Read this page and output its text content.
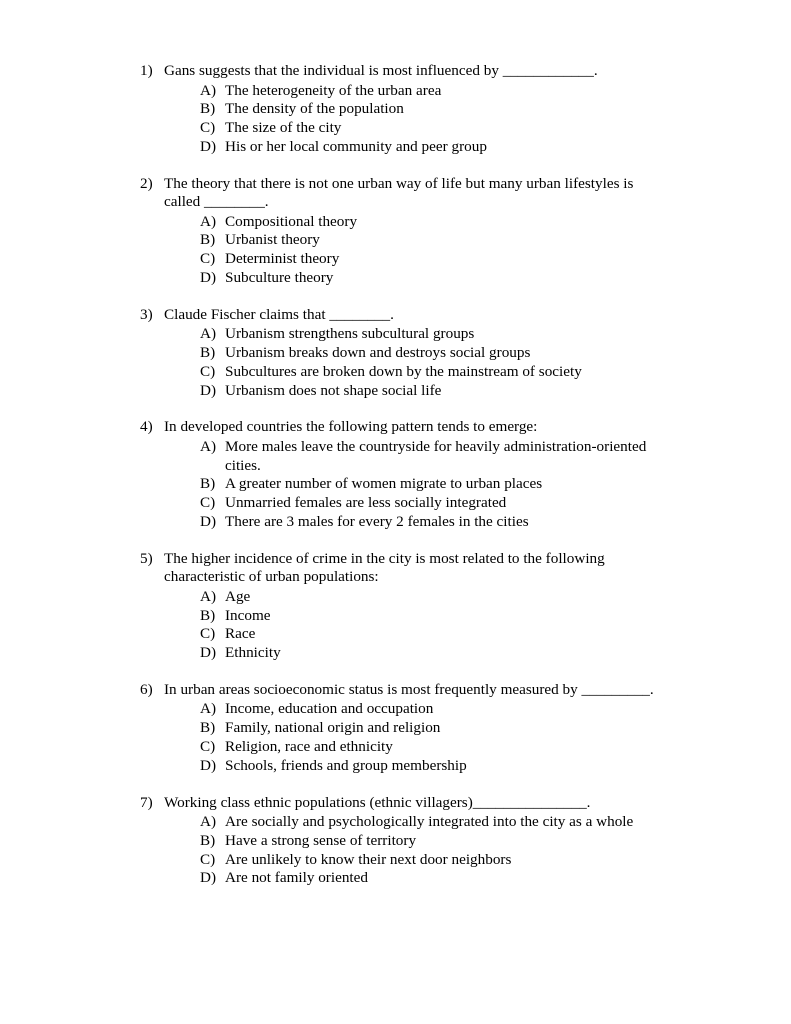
1) Gans suggests that the individual is most influenced by ____________.
A) The heterogeneity of the urban area
B) The density of the population
C) The size of the city
D) His or her local community and peer group
2) The theory that there is not one urban way of life but many urban lifestyles is called ________.
A) Compositional theory
B) Urbanist theory
C) Determinist theory
D) Subculture theory
3) Claude Fischer claims that ________.
A) Urbanism strengthens subcultural groups
B) Urbanism breaks down and destroys social groups
C) Subcultures are broken down by the mainstream of society
D) Urbanism does not shape social life
4) In developed countries the following pattern tends to emerge:
A) More males leave the countryside for heavily administration-oriented cities.
B) A greater number of women migrate to urban places
C) Unmarried females are less socially integrated
D) There are 3 males for every 2 females in the cities
5) The higher incidence of crime in the city is most related to the following characteristic of urban populations:
A) Age
B) Income
C) Race
D) Ethnicity
6) In urban areas socioeconomic status is most frequently measured by _________.
A) Income, education and occupation
B) Family, national origin and religion
C) Religion, race and ethnicity
D) Schools, friends and group membership
7) Working class ethnic populations (ethnic villagers)_______________.
A) Are socially and psychologically integrated into the city as a whole
B) Have a strong sense of territory
C) Are unlikely to know their next door neighbors
D) Are not family oriented
